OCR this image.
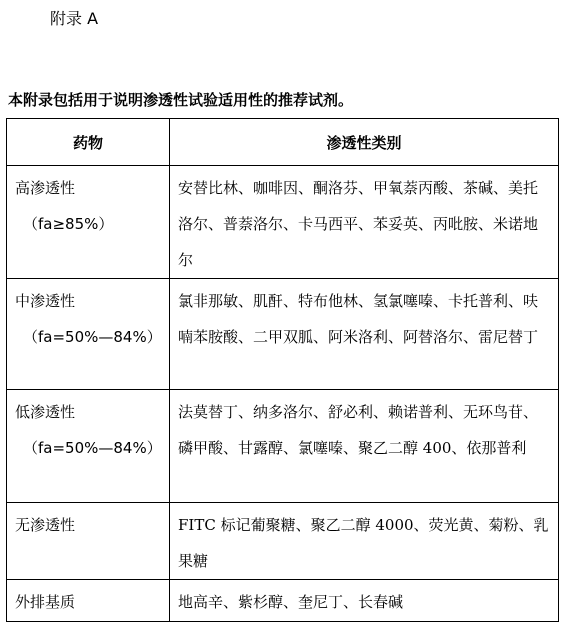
附录 A
本附录包括用于说明渗透性试验适用性的推荐试剂。
药物	渗透性类别
高渗透性
（fa≥85%）	安替比林、咖啡因、酮洛芬、甲氧萘丙酸、茶碱、美托洛尔、普萘洛尔、卡马西平、苯妥英、丙吡胺、米诺地尔
中渗透性
（fa=50%—84%）	氯非那敏、肌酐、特布他林、氢氯噻嗪、卡托普利、呋喃苯胺酸、二甲双胍、阿米洛利、阿替洛尔、雷尼替丁
低渗透性
（fa=50%—84%）	法莫替丁、纳多洛尔、舒必利、赖诺普利、无环鸟苷、磷甲酸、甘露醇、氯噻嗪、聚乙二醇 400、依那普利
无渗透性	FITC 标记葡聚糖、聚乙二醇 4000、荧光黄、菊粉、乳果糖
外排基质	地高辛、紫杉醇、奎尼丁、长春碱
